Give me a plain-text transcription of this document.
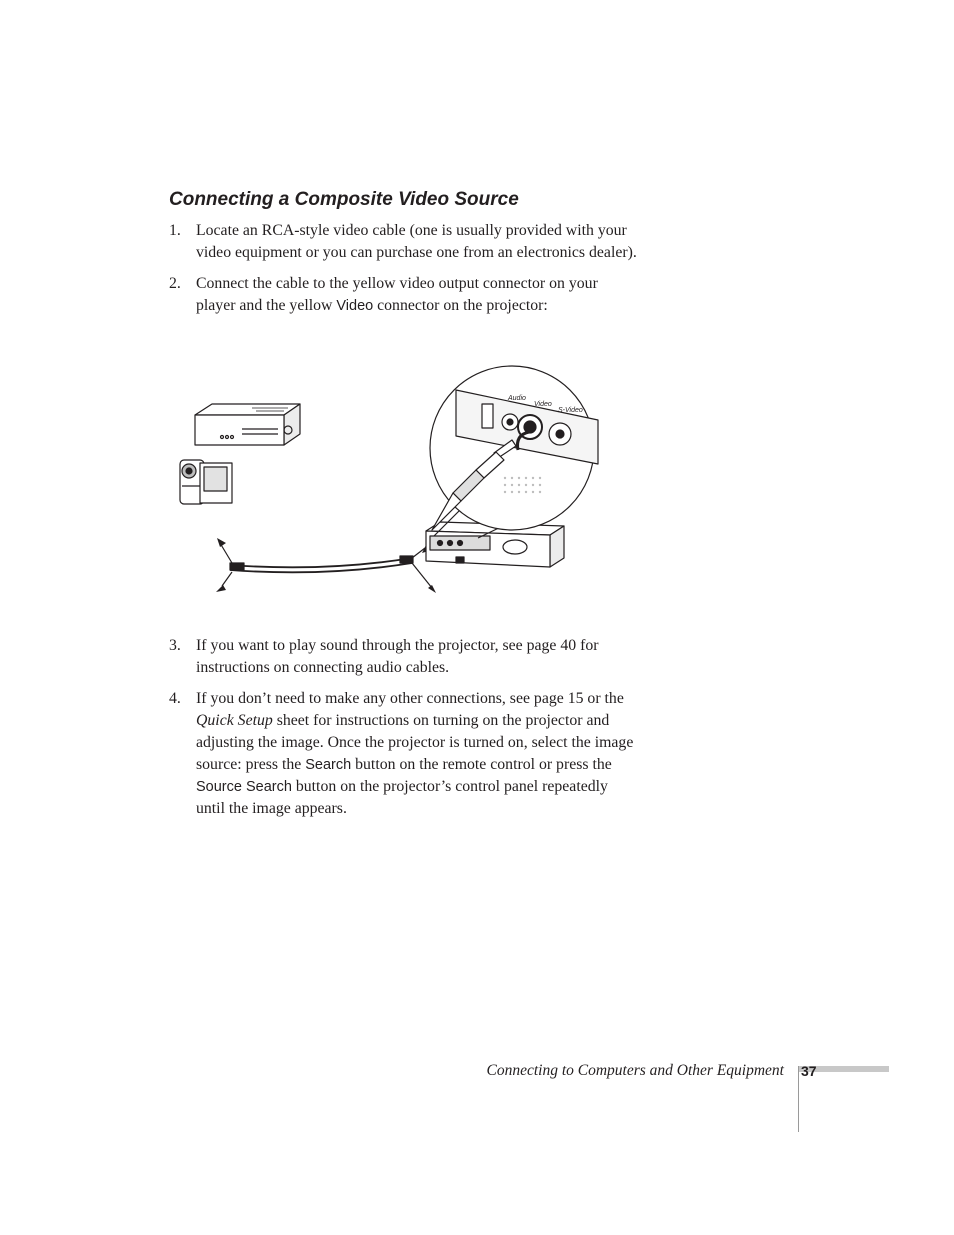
Connecting a Composite Video Source
1. Locate an RCA-style video cable (one is usually provided with your video equipment or you can purchase one from an electronics dealer).
2. Connect the cable to the yellow video output connector on your player and the yellow Video connector on the projector:
Audio
Video
S-Video
3. If you want to play sound through the projector, see page 40 for instructions on connecting audio cables.
4. If you don’t need to make any other connections, see page 15 or the Quick Setup sheet for instructions on turning on the projector and adjusting the image. Once the projector is turned on, select the image source: press the Search button on the remote control or press the Source Search button on the projector’s control panel repeatedly until the image appears.
Connecting to Computers and Other Equipment 37
